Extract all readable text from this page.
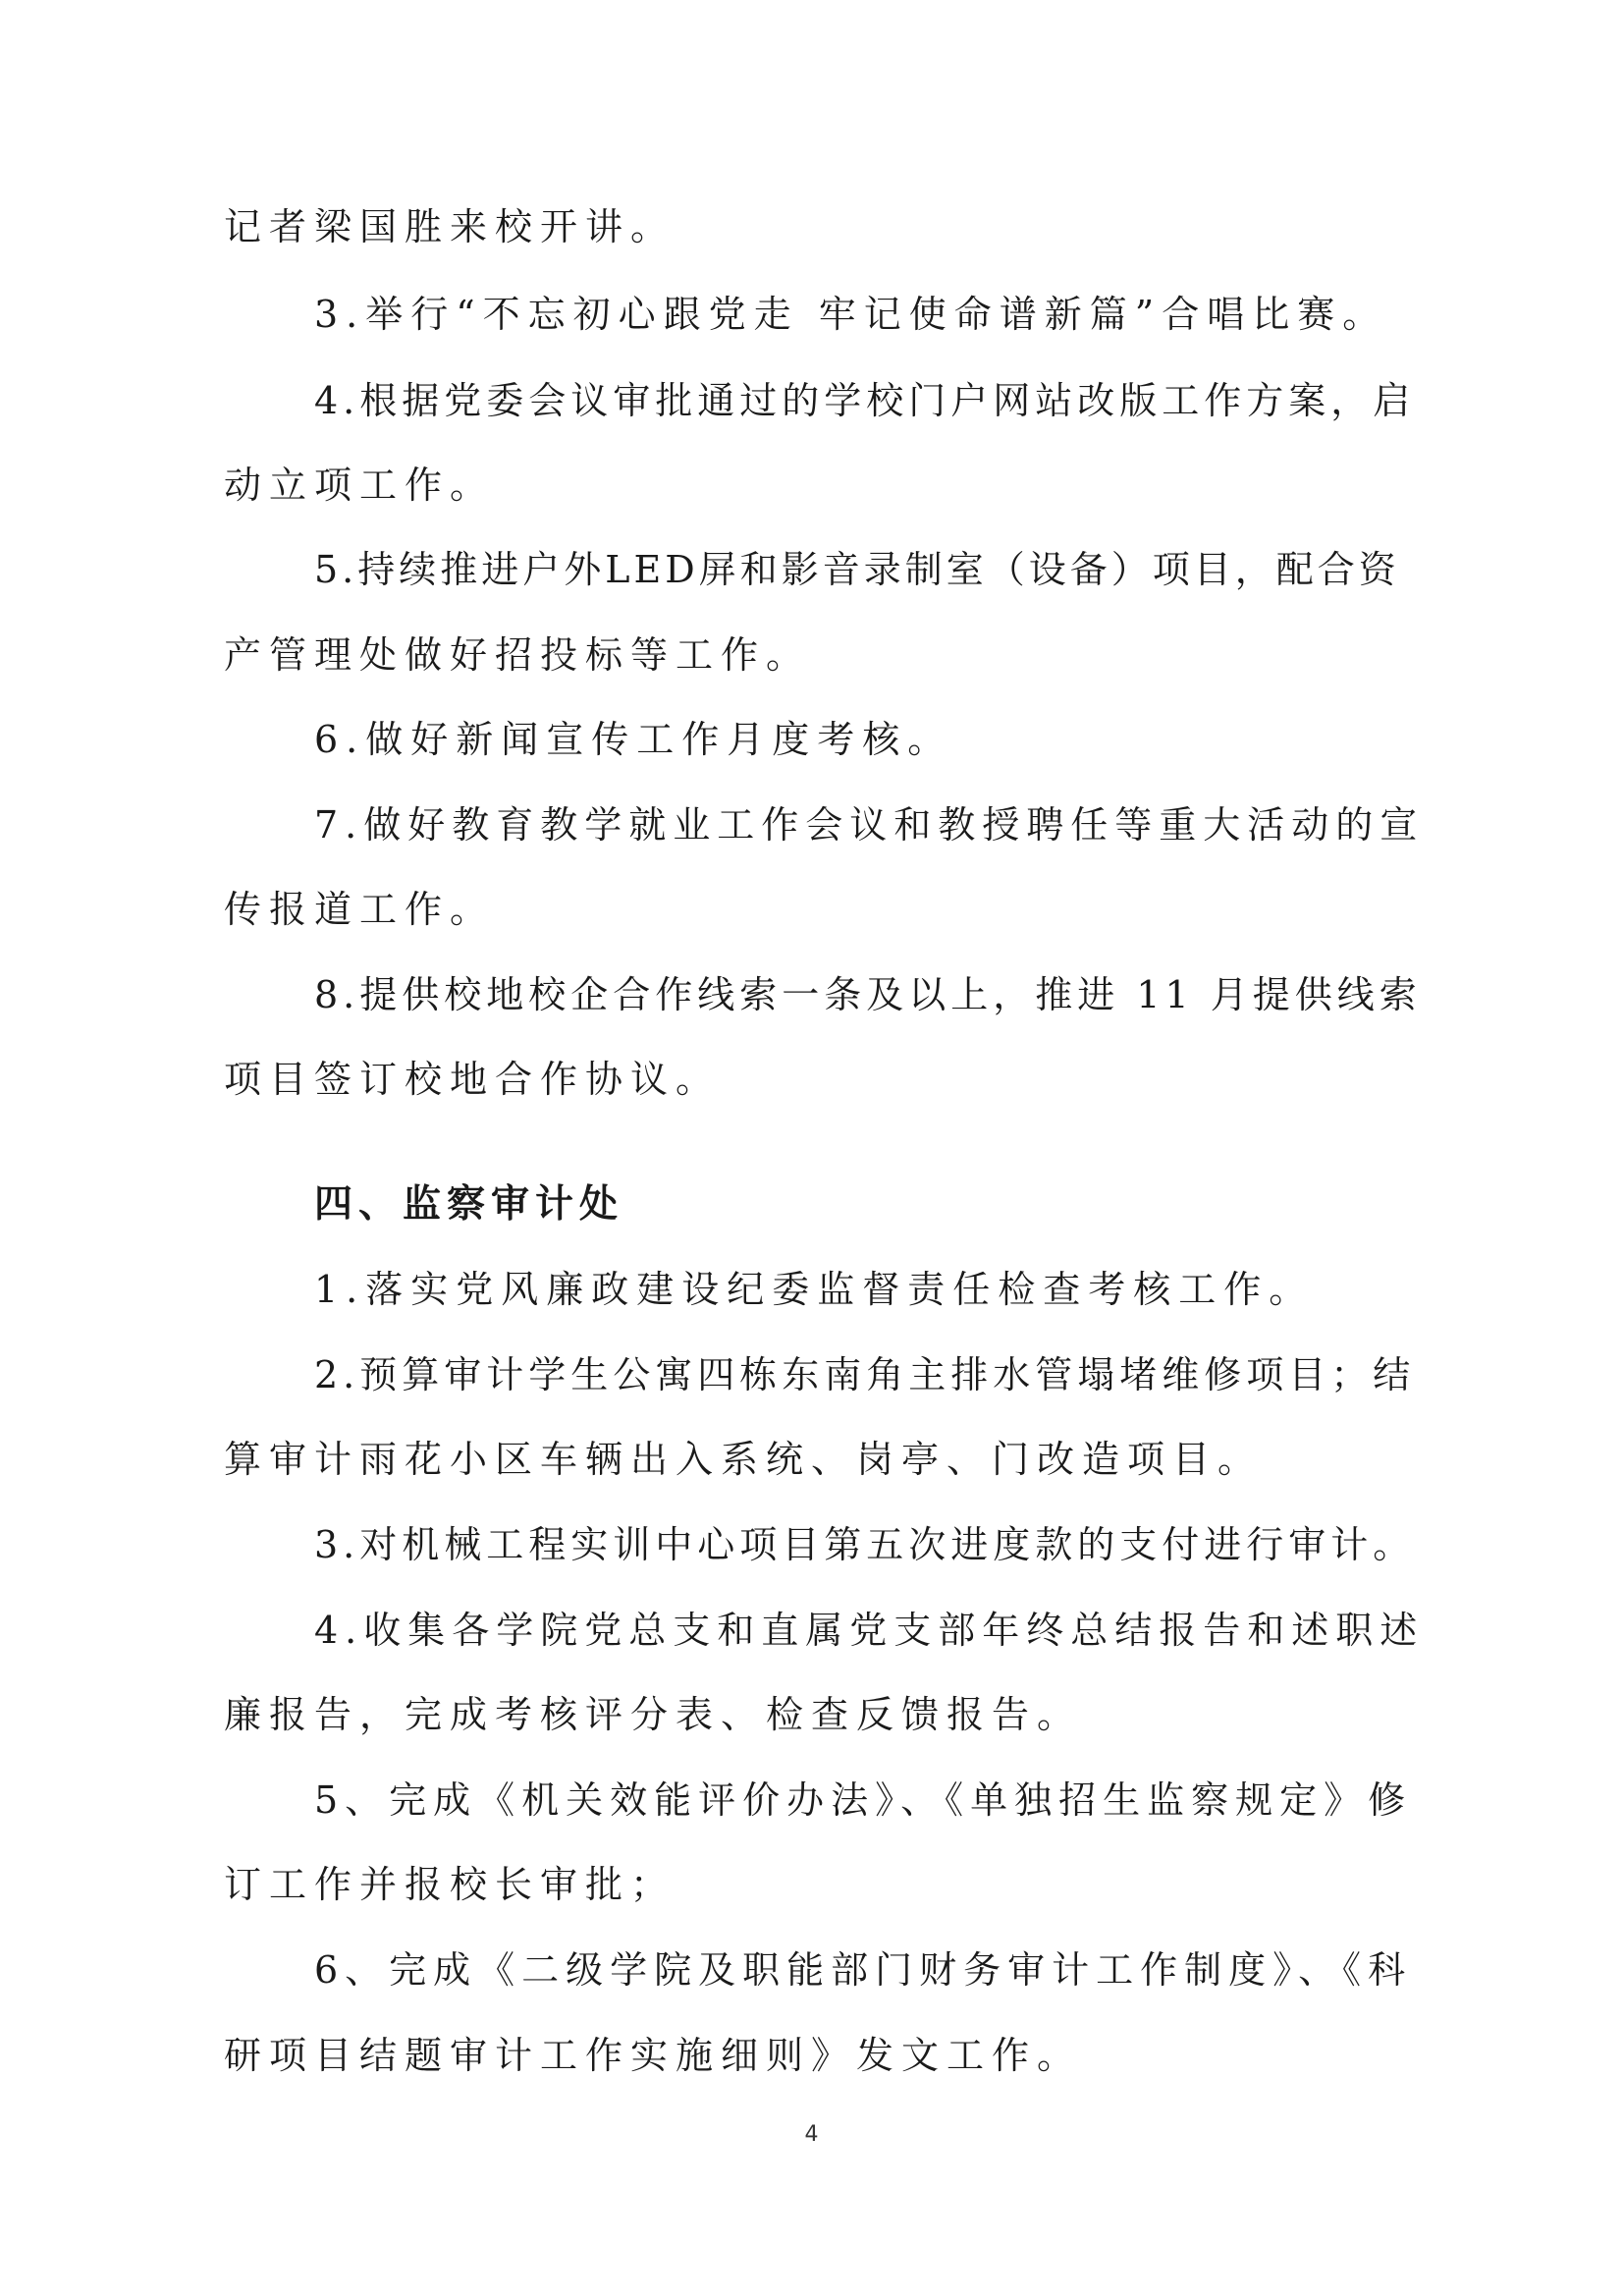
记者梁国胜来校开讲。
3.举行“不忘初心跟党走 牢记使命谱新篇”合唱比赛。
4.根据党委会议审批通过的学校门户网站改版工作方案，启
动立项工作。
5.持续推进户外LED屏和影音录制室（设备）项目，配合资
产管理处做好招投标等工作。
6.做好新闻宣传工作月度考核。
7.做好教育教学就业工作会议和教授聘任等重大活动的宣
传报道工作。
8.提供校地校企合作线索一条及以上，推进 11 月提供线索
项目签订校地合作协议。
四、监察审计处
1.落实党风廉政建设纪委监督责任检查考核工作。
2.预算审计学生公寓四栋东南角主排水管塌堵维修项目；结
算审计雨花小区车辆出入系统、岗亭、门改造项目。
3.对机械工程实训中心项目第五次进度款的支付进行审计。
4.收集各学院党总支和直属党支部年终总结报告和述职述
廉报告，完成考核评分表、检查反馈报告。
5、完成《机关效能评价办法》、《单独招生监察规定》修
订工作并报校长审批；
6、完成《二级学院及职能部门财务审计工作制度》、《科
研项目结题审计工作实施细则》发文工作。
4
